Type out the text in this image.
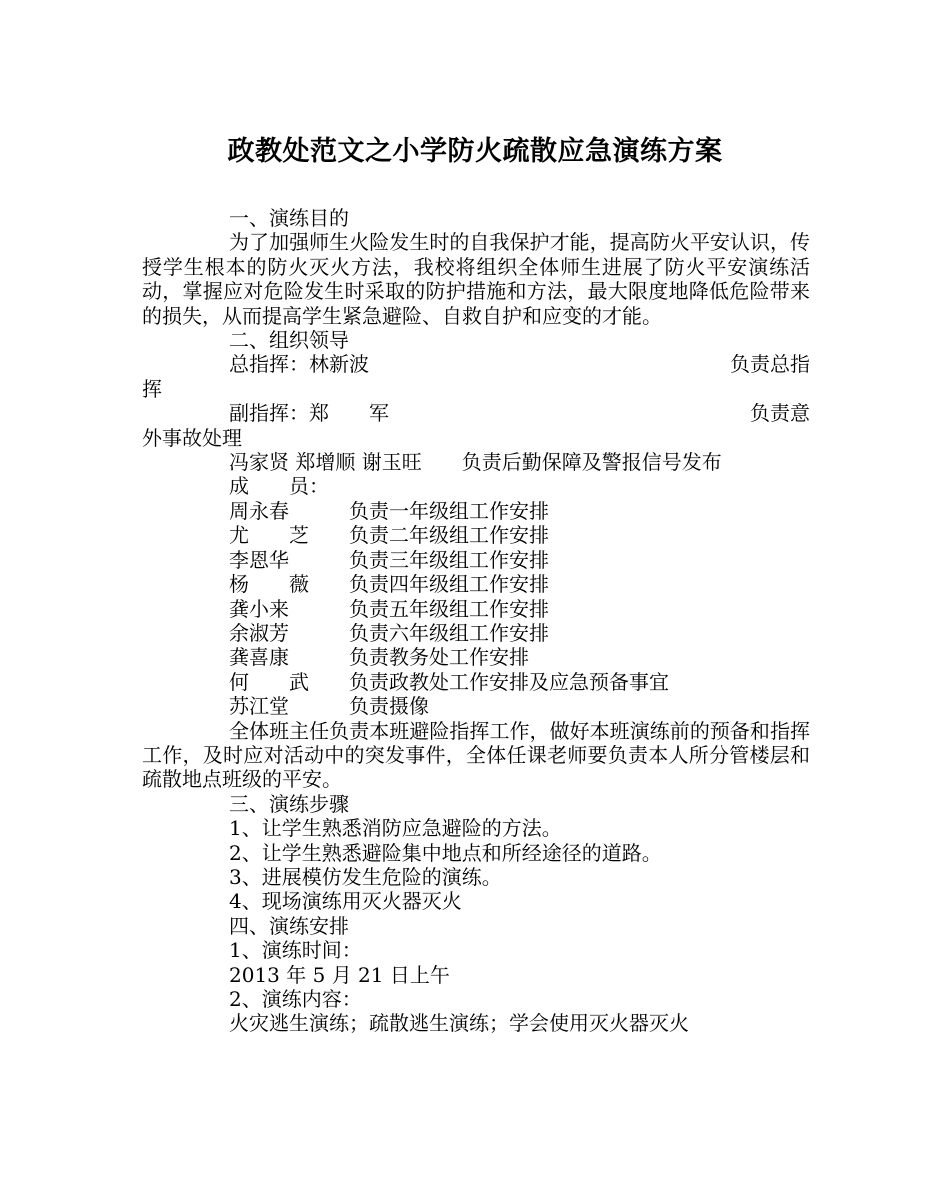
政教处范文之小学防火疏散应急演练方案
一、演练目的
为了加强师生火险发生时的自我保护才能，提高防火平安认识，传授学生根本的防火灭火方法，我校将组织全体师生进展了防火平安演练活动，掌握应对危险发生时采取的防护措施和方法，最大限度地降低危险带来的损失，从而提高学生紧急避险、自救自护和应变的才能。
二、组织领导
总指挥：林新波	负责总指
挥
副指挥：郑　　军	负责意
外事故处理
冯家贤 郑增顺 谢玉旺　　负责后勤保障及警报信号发布
成　　员：
周永春	负责一年级组工作安排
尤　　芝 负责二年级组工作安排
李恩华	负责三年级组工作安排
杨　　薇 负责四年级组工作安排
龚小来	负责五年级组工作安排
余淑芳	负责六年级组工作安排
龚喜康	负责教务处工作安排
何　　武 负责政教处工作安排及应急预备事宜
苏江堂	负责摄像
全体班主任负责本班避险指挥工作，做好本班演练前的预备和指挥工作，及时应对活动中的突发事件，全体任课老师要负责本人所分管楼层和疏散地点班级的平安。
三、演练步骤
1、让学生熟悉消防应急避险的方法。
2、让学生熟悉避险集中地点和所经途径的道路。
3、进展模仿发生危险的演练。
4、现场演练用灭火器灭火
四、演练安排
1、演练时间：
2013 年 5 月 21 日上午
2、演练内容：
火灾逃生演练；疏散逃生演练；学会使用灭火器灭火
